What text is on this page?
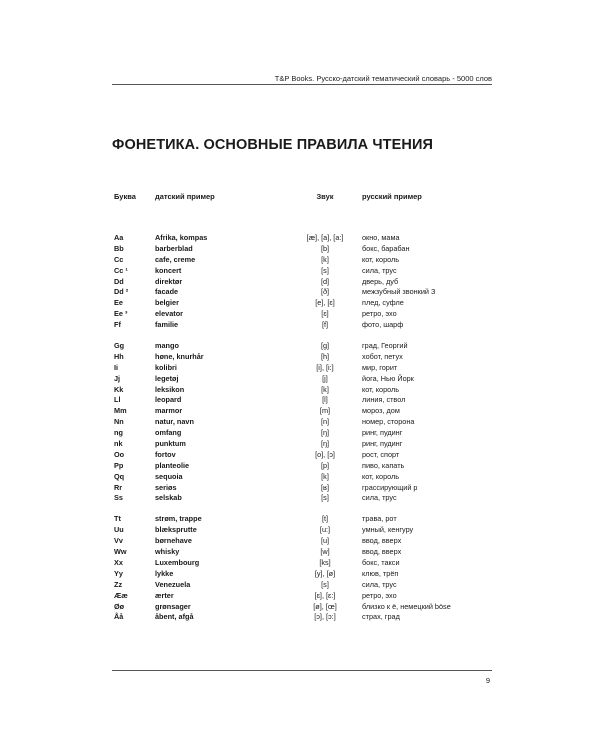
T&P Books. Русско-датский тематический словарь - 5000 слов
ФОНЕТИКА. ОСНОВНЫЕ ПРАВИЛА ЧТЕНИЯ
Буква	датский пример	Звук	русский пример
Aa	Afrika, kompas	[æ], [a], [a:]	окно, мама
Bb	barberblad	[b]	бокс, барабан
Cc	cafe, creme	[k]	кот, король
Cc ¹	koncert	[s]	сила, трус
Dd	direktør	[d]	дверь, дуб
Dd ²	facade	[ð]	межзубный звонкий З
Ee	belgier	[e], [ɛ]	плед, суфле
Ee ³	elevator	[ɛ]	ретро, эхо
Ff	familie	[f]	фото, шарф
Gg	mango	[g]	град, Георгий
Hh	høne, knurhår	[h]	хобот, петух
Ii	kolibri	[i], [i:]	мир, горит
Jj	legetøj	[j]	йога, Нью Йорк
Kk	leksikon	[k]	кот, король
Ll	leopard	[l]	линия, ствол
Mm	marmor	[m]	мороз, дом
Nn	natur, navn	[n]	номер, сторона
ng	omfang	[ŋ]	ринг, пудинг
nk	punktum	[ŋ]	ринг, пудинг
Oo	fortov	[o], [ɔ]	рост, спорт
Pp	planteolie	[p]	пиво, капать
Qq	sequoia	[k]	кот, король
Rr	seriøs	[ʁ]	грассирующий р
Ss	selskab	[s]	сила, трус
Tt	strøm, trappe	[t]	трава, рот
Uu	blæksprutte	[u:]	умный, кенгуру
Vv	børnehave	[u]	ввод, вверх
Ww	whisky	[w]	ввод, вверх
Xx	Luxembourg	[ks]	бокс, такси
Yy	lykke	[y], [ø]	клюв, трёп
Zz	Venezuela	[s]	сила, трус
Ææ	ærter	[ɛ], [ɛ:]	ретро, эхо
Øø	grønsager	[ø], [œ]	близко к ё, немецкий böse
Åå	åbent, afgå	[ɔ], [ɔ:]	страх, град
9
